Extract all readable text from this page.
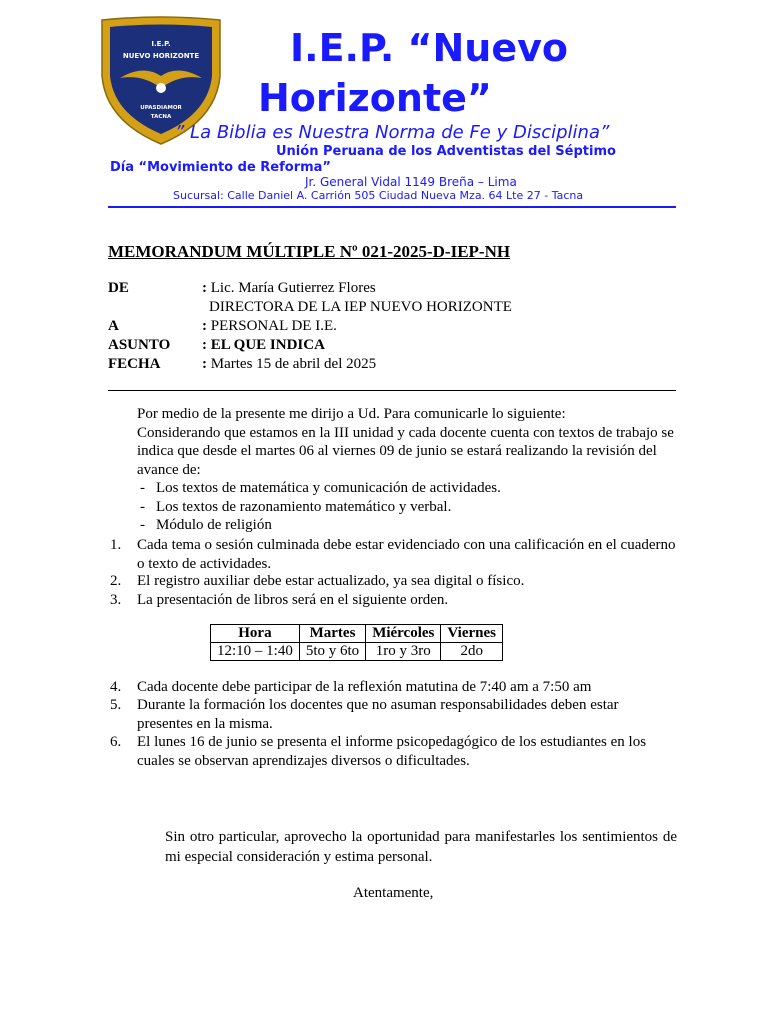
I.E.P.
NUEVO HORIZONTE
UPASDIAMOR
TACNA
I.E.P. “Nuevo
Horizonte”
” La Biblia es Nuestra Norma de Fe y Disciplina”
Unión Peruana de los Adventistas del Séptimo
Día “Movimiento de Reforma”
Jr. General Vidal 1149 Breña – Lima
Sucursal: Calle Daniel A. Carrión 505 Ciudad Nueva Mza. 64 Lte 27 - Tacna
MEMORANDUM MÚLTIPLE Nº 021-2025-D-IEP-NH
DE	: Lic. María Gutierrez Flores
DIRECTORA DE LA IEP NUEVO HORIZONTE
A	: PERSONAL DE I.E.
ASUNTO : EL QUE INDICA
FECHA	: Martes 15 de abril del 2025

Por medio de la presente me dirijo a Ud. Para comunicarle lo siguiente:

Considerando que estamos en la III unidad y cada docente cuenta con textos de trabajo se indica que desde el martes 06 al viernes 09 de junio se estará realizando la revisión del avance de:

- Los textos de matemática y comunicación de actividades.
- Los textos de razonamiento matemático y verbal.
- Módulo de religión
1. Cada tema o sesión culminada debe estar evidenciado con una calificación en el cuaderno o texto de actividades.
2. El registro auxiliar debe estar actualizado, ya sea digital o físico.
3. La presentación de libros será en el siguiente orden.
Hora	Martes	Miércoles	Viernes
12:10 – 1:40	5to y 6to	1ro y 3ro	2do
4. Cada docente debe participar de la reflexión matutina de 7:40 am a 7:50 am
5. Durante la formación los docentes que no asuman responsabilidades deben estar presentes en la misma.
6. El lunes 16 de junio se presenta el informe psicopedagógico de los estudiantes en los cuales se observan aprendizajes diversos o dificultades.
Sin otro particular, aprovecho la oportunidad para manifestarles los sentimientos de mi especial consideración y estima personal.
Atentamente,
